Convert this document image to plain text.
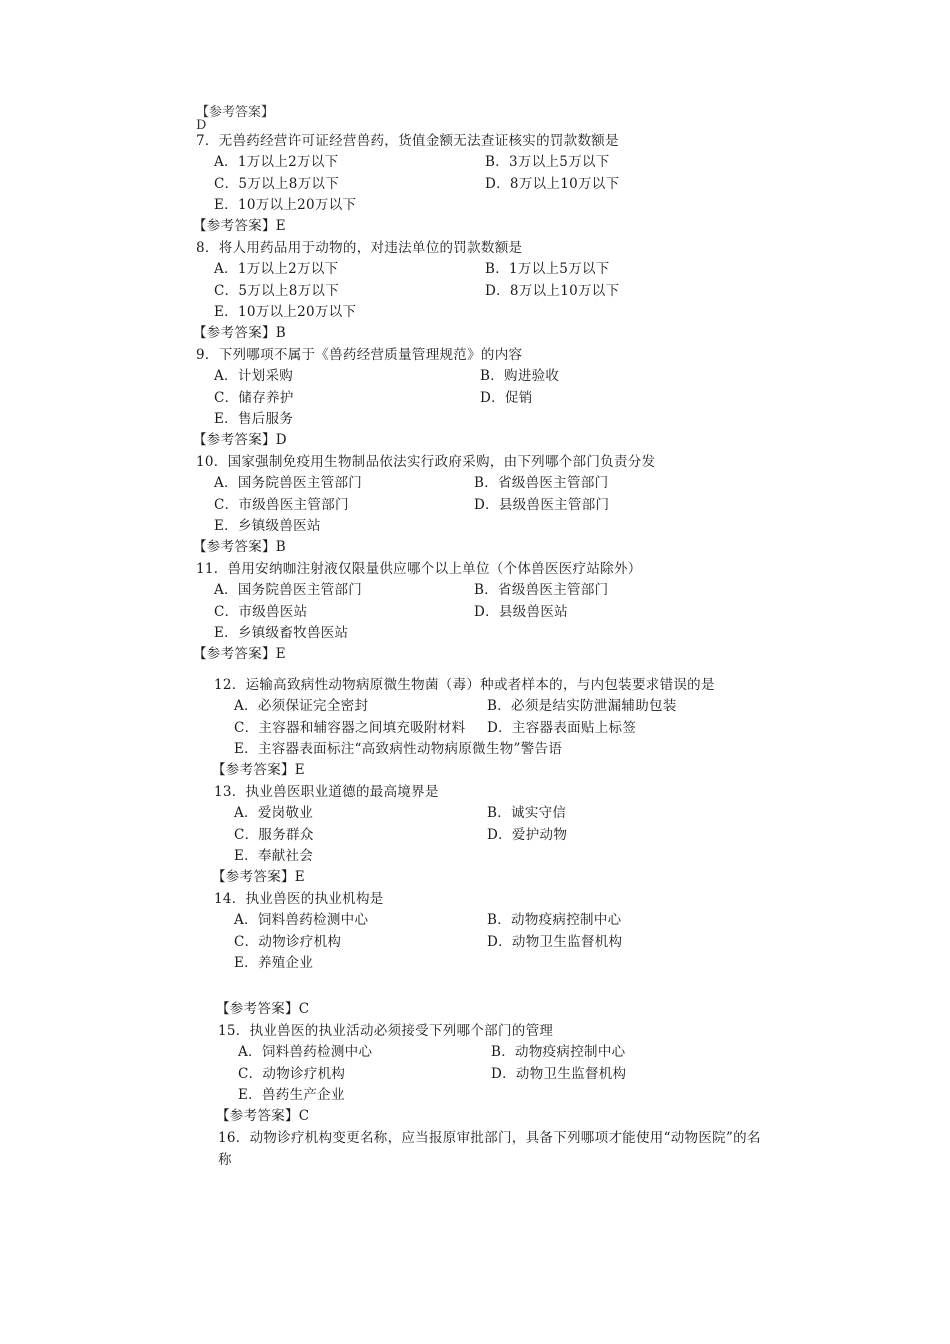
【参考答案】D
7．无兽药经营许可证经营兽药，货值金额无法查证核实的罚款数额是
A．1万以上2万以下	B．3万以上5万以下
C．5万以上8万以下	D．8万以上10万以下
E．10万以上20万以下
【参考答案】E
8．将人用药品用于动物的，对违法单位的罚款数额是
A．1万以上2万以下	B．1万以上5万以下
C．5万以上8万以下	D．8万以上10万以下
E．10万以上20万以下
【参考答案】B
9．下列哪项不属于《兽药经营质量管理规范》的内容
A．计划采购	B．购进验收
C．储存养护	D．促销
E．售后服务
【参考答案】D
10．国家强制免疫用生物制品依法实行政府采购，由下列哪个部门负责分发
A．国务院兽医主管部门	B．省级兽医主管部门
C．市级兽医主管部门	D．县级兽医主管部门
E．乡镇级兽医站
【参考答案】B
11．兽用安纳咖注射液仅限量供应哪个以上单位（个体兽医医疗站除外）
A．国务院兽医主管部门	B．省级兽医主管部门
C．市级兽医站	D．县级兽医站
E．乡镇级畜牧兽医站
【参考答案】E
12．运输高致病性动物病原微生物菌（毒）种或者样本的，与内包装要求错误的是
A．必须保证完全密封	B．必须是结实防泄漏辅助包装
C．主容器和辅容器之间填充吸附材料 D．主容器表面贴上标签
E．主容器表面标注“高致病性动物病原微生物”警告语
【参考答案】E
13．执业兽医职业道德的最高境界是
A．爱岗敬业	B．诚实守信
C．服务群众	D．爱护动物
E．奉献社会
【参考答案】E
14．执业兽医的执业机构是
A．饲料兽药检测中心	B．动物疫病控制中心
C．动物诊疗机构	D．动物卫生监督机构
E．养殖企业
【参考答案】C
15．执业兽医的执业活动必须接受下列哪个部门的管理
A．饲料兽药检测中心	B．动物疫病控制中心
C．动物诊疗机构	D．动物卫生监督机构
E．兽药生产企业
【参考答案】C
16．动物诊疗机构变更名称，应当报原审批部门，具备下列哪项才能使用“动物医院”的名
称
